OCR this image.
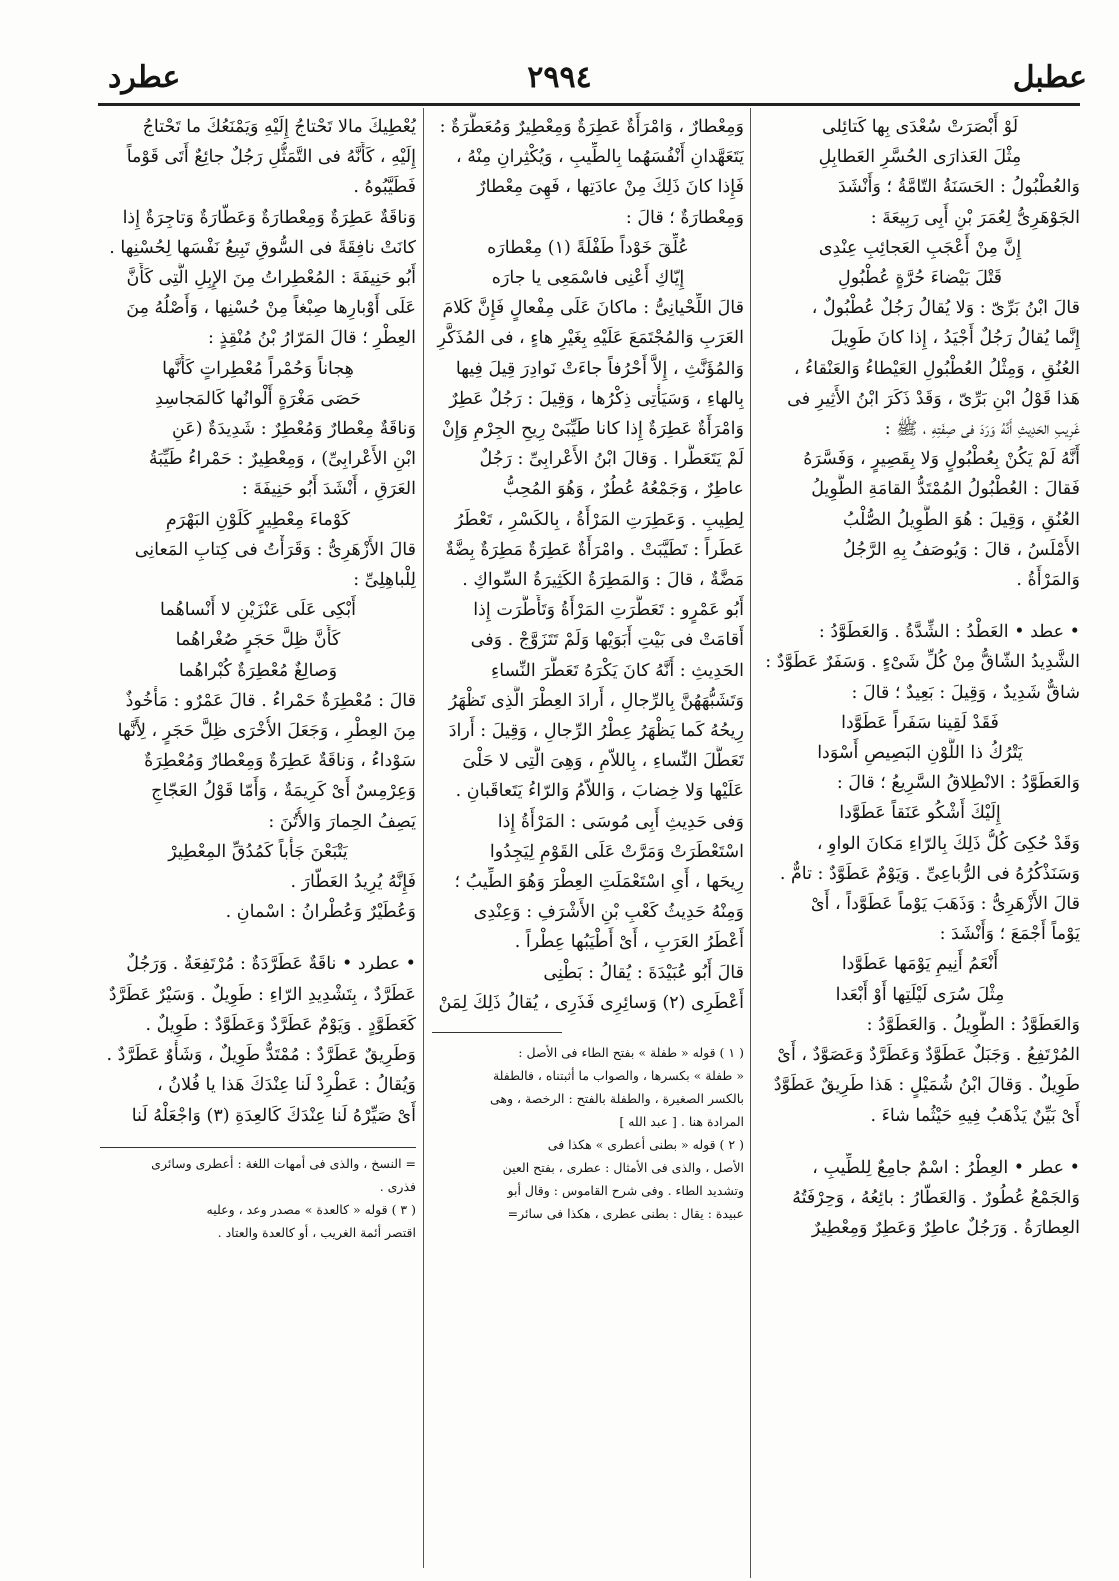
عطبل
٢٩٩٤
عطرد
لَوْ أَبْصَرَتْ سُعْدَى بِها كَتائِلى
مِثْلَ العَذارَى الحُسَّرِ العَطابِلِ
وَالعُطْبُولُ : الحَسَنَةُ التّامَّةُ ؛ وَأَنْشَدَ
الجَوْهَرِىُّ لِعُمَرَ بْنِ أَبِى رَبِيعَةَ :
إِنَّ مِنْ أَعْجَبِ العَجائِبِ عِنْدِى
قَتْلَ بَيْضاءَ حُرَّةٍ عُطْبُولِ
قالَ ابْنُ بَرِّىّ : وَلا يُقالُ رَجُلٌ عُطْبُولٌ ،
إِنَّما يُقالُ رَجُلٌ أَجْيَدُ ، إِذا كانَ طَوِيلَ
العُنُقِ ، وَمِثْلُ العُطْبُولِ العَيْطاءُ وَالعَنْقاءُ ،
هَذا قَوْلُ ابْنِ بَرِّىّ ، وَقَدْ ذَكَرَ ابْنُ الأَثِيرِ فى
غَرِيبِ الحَدِيثِ أَنَّهُ وَرَدَ فى صِفَتِهِ ، ﷺ :
أَنَّهُ لَمْ يَكُنْ بِعُطْبُولٍ وَلا بِقَصِيرٍ ، وَفَسَّرَهُ
فَقالَ : العُطْبُولُ المُمْتَدُّ القامَةِ الطَّوِيلُ
العُنُقِ ، وَقِيلَ : هُوَ الطَّوِيلُ الصُّلْبُ
الأَمْلَسُ ، قالَ : وَيُوصَفُ بِهِ الرَّجُلُ
وَالمَرْأَةُ .
• عطد • العَطْدُ : الشِّدَّةُ . وَالعَطَوَّدُ :
الشَّدِيدُ الشّاقُّ مِنْ كُلِّ شَىْءٍ . وَسَفَرٌ عَطَوَّدٌ :
شاقٌّ شَدِيدٌ ، وَقِيلَ : بَعِيدٌ ؛ قالَ :
فَقَدْ لَقِينا سَفَراً عَطَوَّدا
يَتْرُكُ ذا اللَّوْنِ البَصِيصِ أَسْوَدا
وَالعَطَوَّدُ : الانْطِلاقُ السَّرِيعُ ؛ قالَ :
إِلَيْكَ أَشْكُو عَنَقاً عَطَوَّدا
وَقَدْ حُكِىَ كُلُّ ذَلِكَ بِالرّاءِ مَكانَ الواوِ ،
وَسَنَذْكُرُهُ فى الرُّباعِىِّ . وَيَوْمٌ عَطَوَّدٌ : تامٌّ .
قالَ الأَزْهَرِىُّ : وَذَهَبَ يَوْماً عَطَوَّداً ، أَىْ
يَوْماً أَجْمَعَ ؛ وَأَنْشَدَ :
أَنْعَمُ أَنِيمِ يَوْمَها عَطَوَّدا
مِثْلَ سُرَى لَيْلَتِها أَوْ أَبْعَدا
وَالعَطَوَّدُ : الطَّوِيلُ . وَالعَطَوَّدُ :
المُرْتَفِعُ . وَجَبَلٌ عَطَوَّدٌ وَعَطَرَّدٌ وَعَصَوَّدٌ ، أَىْ
طَوِيلٌ . وَقالَ ابْنُ شُمَيْلٍ : هَذا طَرِيقٌ عَطَوَّدٌ
أَىْ بَيِّنٌ يَذْهَبُ فِيهِ حَيْثُما شاءَ .
• عطر • العِطْرُ : اسْمٌ جامِعٌ لِلطِّيبِ ،
وَالجَمْعُ عُطُورٌ . وَالعَطّارُ : بائِعُهُ ، وَحِرْفَتُهُ
العِطارَةُ . وَرَجُلٌ عاطِرٌ وَعَطِرٌ وَمِعْطِيرٌ
وَمِعْطارٌ ، وَامْرَأَةٌ عَطِرَةٌ وَمِعْطِيرٌ وَمُعَطَّرَةٌ :
يَتَعَهَّدانِ أَنْفُسَهُما بِالطِّيبِ ، وَيُكْثِرانِ مِنْهُ ،
فَإِذا كانَ ذَلِكَ مِنْ عادَتِها ، فَهِىَ مِعْطارٌ
وَمِعْطارَةٌ ؛ قالَ :
عُلِّقَ خَوْداً طَفْلَةً (١) مِعْطارَه
إِيّاكِ أَعْنِى فاسْمَعِى يا جارَه
قالَ اللِّحْيانِىُّ : ماكانَ عَلَى مِفْعالٍ فَإِنَّ كَلامَ
العَرَبِ وَالمُجْتَمَعَ عَلَيْهِ بِغَيْرِ هاءٍ ، فى المُذَكَّرِ
وَالمُؤَنَّثِ ، إِلاَّ أَحْرُفاً جاءَتْ نَوادِرَ قِيلَ فِيها
بِالهاءِ ، وَسَيَأْتِى ذِكْرُها ، وَقِيلَ : رَجُلٌ عَطِرٌ
وَامْرَأَةٌ عَطِرَةٌ إِذا كانا طَيِّبَىْ رِيحِ الجِرْمِ وَإِنْ
لَمْ يَتَعَطَّرا . وَقالَ ابْنُ الأَعْرابِىِّ : رَجُلٌ
عاطِرٌ ، وَجَمْعُهُ عُطُرٌ ، وَهُوَ المُحِبُّ
لِطِيبِ . وَعَطِرَتِ المَرْأَةُ ، بِالكَسْرِ ، تَعْطَرُ
عَطَراً : تَطَيَّبَتْ . وامْرَأَةٌ عَطِرَةٌ مَطِرَةٌ بِضَّةٌ
مَضَّةٌ ، قالَ : وَالمَطِرَةُ الكَثِيرَةُ السِّواكِ .
أَبُو عَمْرٍو : تَعَطَّرَتِ المَرْأَةُ وَتَأَطَّرَت إِذا
أَقامَتْ فى بَيْتِ أَبَوَيْها وَلَمْ تَتَزَوَّجْ . وَفى
الحَدِيثِ : أَنَّهُ كانَ يَكْرَهُ تَعَطُّرَ النِّساءِ
وَتَشَبُّهَهُنَّ بِالرِّجالِ ، أَرادَ العِطْرَ الَّذِى تَظْهَرُ
رِيحُهُ كَما يَظْهَرُ عِطْرُ الرِّجالِ ، وَقِيلَ : أَرادَ
تَعَطُّلَ النِّساءِ ، بِاللاّمِ ، وَهِىَ الَّتِى لا حَلْىَ
عَلَيْها وَلا خِضابَ ، وَاللاّمُ وَالرّاءُ يَتَعاقَبانِ .
وَفى حَدِيثِ أَبِى مُوسَى : المَرْأَةُ إِذا
اسْتَعْطَرَتْ وَمَرَّتْ عَلَى القَوْمِ لِيَجِدُوا
رِيحَها ، أَىِ اسْتَعْمَلَتِ العِطْرَ وَهُوَ الطِّيبُ ؛
وَمِنْهُ حَدِيثُ كَعْبِ بْنِ الأَشْرَفِ : وَعِنْدِى
أَعْطَرُ العَرَبِ ، أَىْ أَطْيَبُها عِطْراً .
قالَ أَبُو عُبَيْدَةَ : يُقالُ : بَطْنِى
أَعْطَرِى (٢) وَسائِرِى فَذَرِى ، يُقالُ ذَلِكَ لِمَنْ
( ١ ) قوله « طفلة » بفتح الطاء فى الأصل :
« طفلة » بكسرها ، والصواب ما أثبتناه ، فالطفلة
بالكسر الصغيرة ، والطفلة بالفتح : الرخصة ، وهى
المرادة هنا . [ عبد الله ]
( ٢ ) قوله « بطنى أعطرى » هكذا فى
الأصل ، والذى فى الأمثال : عطرى ، بفتح العين
وتشديد الطاء . وفى شرح القاموس : وقال أبو
عبيدة : يقال : بطنى عطرى ، هكذا فى سائر=
يُعْطِيكَ مالا تَحْتاجُ إِلَيْهِ وَيَمْنَعُكَ ما تَحْتاجُ
إِلَيْهِ ، كَأَنَّهُ فى التَّمَثُّلِ رَجُلٌ جائِعٌ أَتَى قَوْماً
فَطَيَّبُوهُ .
وَناقَةٌ عَطِرَةٌ وَمِعْطارَةٌ وَعَطّارَةٌ وَتاجِرَةٌ إِذا
كانَتْ نافِقَةً فى السُّوقِ تَبِيعُ نَفْسَها لِحُسْنِها .
أَبُو حَنِيفَةَ : المُعْطِراتُ مِنَ الإِبِلِ الَّتِى كَأَنَّ
عَلَى أَوْبارِها صِبْغاً مِنْ حُسْنِها ، وَأَصْلُهُ مِنَ
العِطْرِ ؛ قالَ المَرّارُ بْنُ مُنْقِذٍ :
هِجاناً وَحُمْراً مُعْطِراتٍ كَأَنَّها
حَصَى مَغْرَةٍ أَلْوانُها كَالمَجاسِدِ
وَناقَةٌ مِعْطارٌ وَمُعْطِرٌ : شَدِيدَةٌ (عَنِ
ابْنِ الأَعْرابِىِّ) ، وَمِعْطِيرٌ : حَمْراءُ طَيِّبَةُ
العَرَقِ ، أَنْشَدَ أَبُو حَنِيفَةَ :
كَوْماءَ مِعْطِيرٍ كَلَوْنِ البَهْرَمِ
قالَ الأَزْهَرِىُّ : وَقَرَأْتُ فى كِتابِ المَعانِى
لِلْباهِلِىِّ :
أَبْكِى عَلَى عَنْزَيْنِ لا أَنْساهُما
كَأَنَّ ظِلَّ حَجَرٍ صُغْراهُما
وَصالِغٌ مُعْطِرَةٌ كُبْراهُما
قالَ : مُعْطِرَةٌ حَمْراءُ . قالَ عَمْرٌو : مَأْخُوذٌ
مِنَ العِطْرِ ، وَجَعَلَ الأُخْرَى ظِلَّ حَجَرٍ ، لِأَنَّها
سَوْداءُ ، وَناقَةٌ عَطِرَةٌ وَمِعْطارٌ وَمُعْطِرَةٌ
وَعِرْمِسٌ أَىْ كَرِيمَةٌ ، وَأَمّا قَوْلُ العَجّاجِ
يَصِفُ الحِمارَ وَالأُتُنَ :
يَتْبَعْنَ جَأْباً كَمُدُقِّ المِعْطِيرْ
فَإِنَّهُ يُرِيدُ العَطّارَ .
وَعُطَيْرٌ وَعُطْرانُ : اسْمانِ .
• عطرد • ناقَةٌ عَطَرَّدَةٌ : مُرْتَفِعَةٌ . وَرَجُلٌ
عَطَرَّدٌ ، بِتَشْدِيدِ الرّاءِ : طَوِيلٌ . وَسَيْرٌ عَطَرَّدٌ
كَعَطَوَّدٍ . وَيَوْمٌ عَطَرَّدٌ وَعَطَوَّدٌ : طَوِيلٌ .
وَطَرِيقٌ عَطَرَّدٌ : مُمْتَدٌّ طَوِيلٌ ، وَشَأْوٌ عَطَرَّدٌ .
وَيُقالُ : عَطْرِدْ لَنا عِنْدَكَ هَذا يا فُلانُ ،
أَىْ صَيِّرْهُ لَنا عِنْدَكَ كَالعِدَةِ (٣) وَاجْعَلْهُ لَنا
= النسخ ، والذى فى أمهات اللغة : أعطرى وسائرى
فذرى .
( ٣ ) قوله « كالعدة » مصدر وعد ، وعليه
اقتصر أئمة الغريب ، أو كالعدة والعتاد .
